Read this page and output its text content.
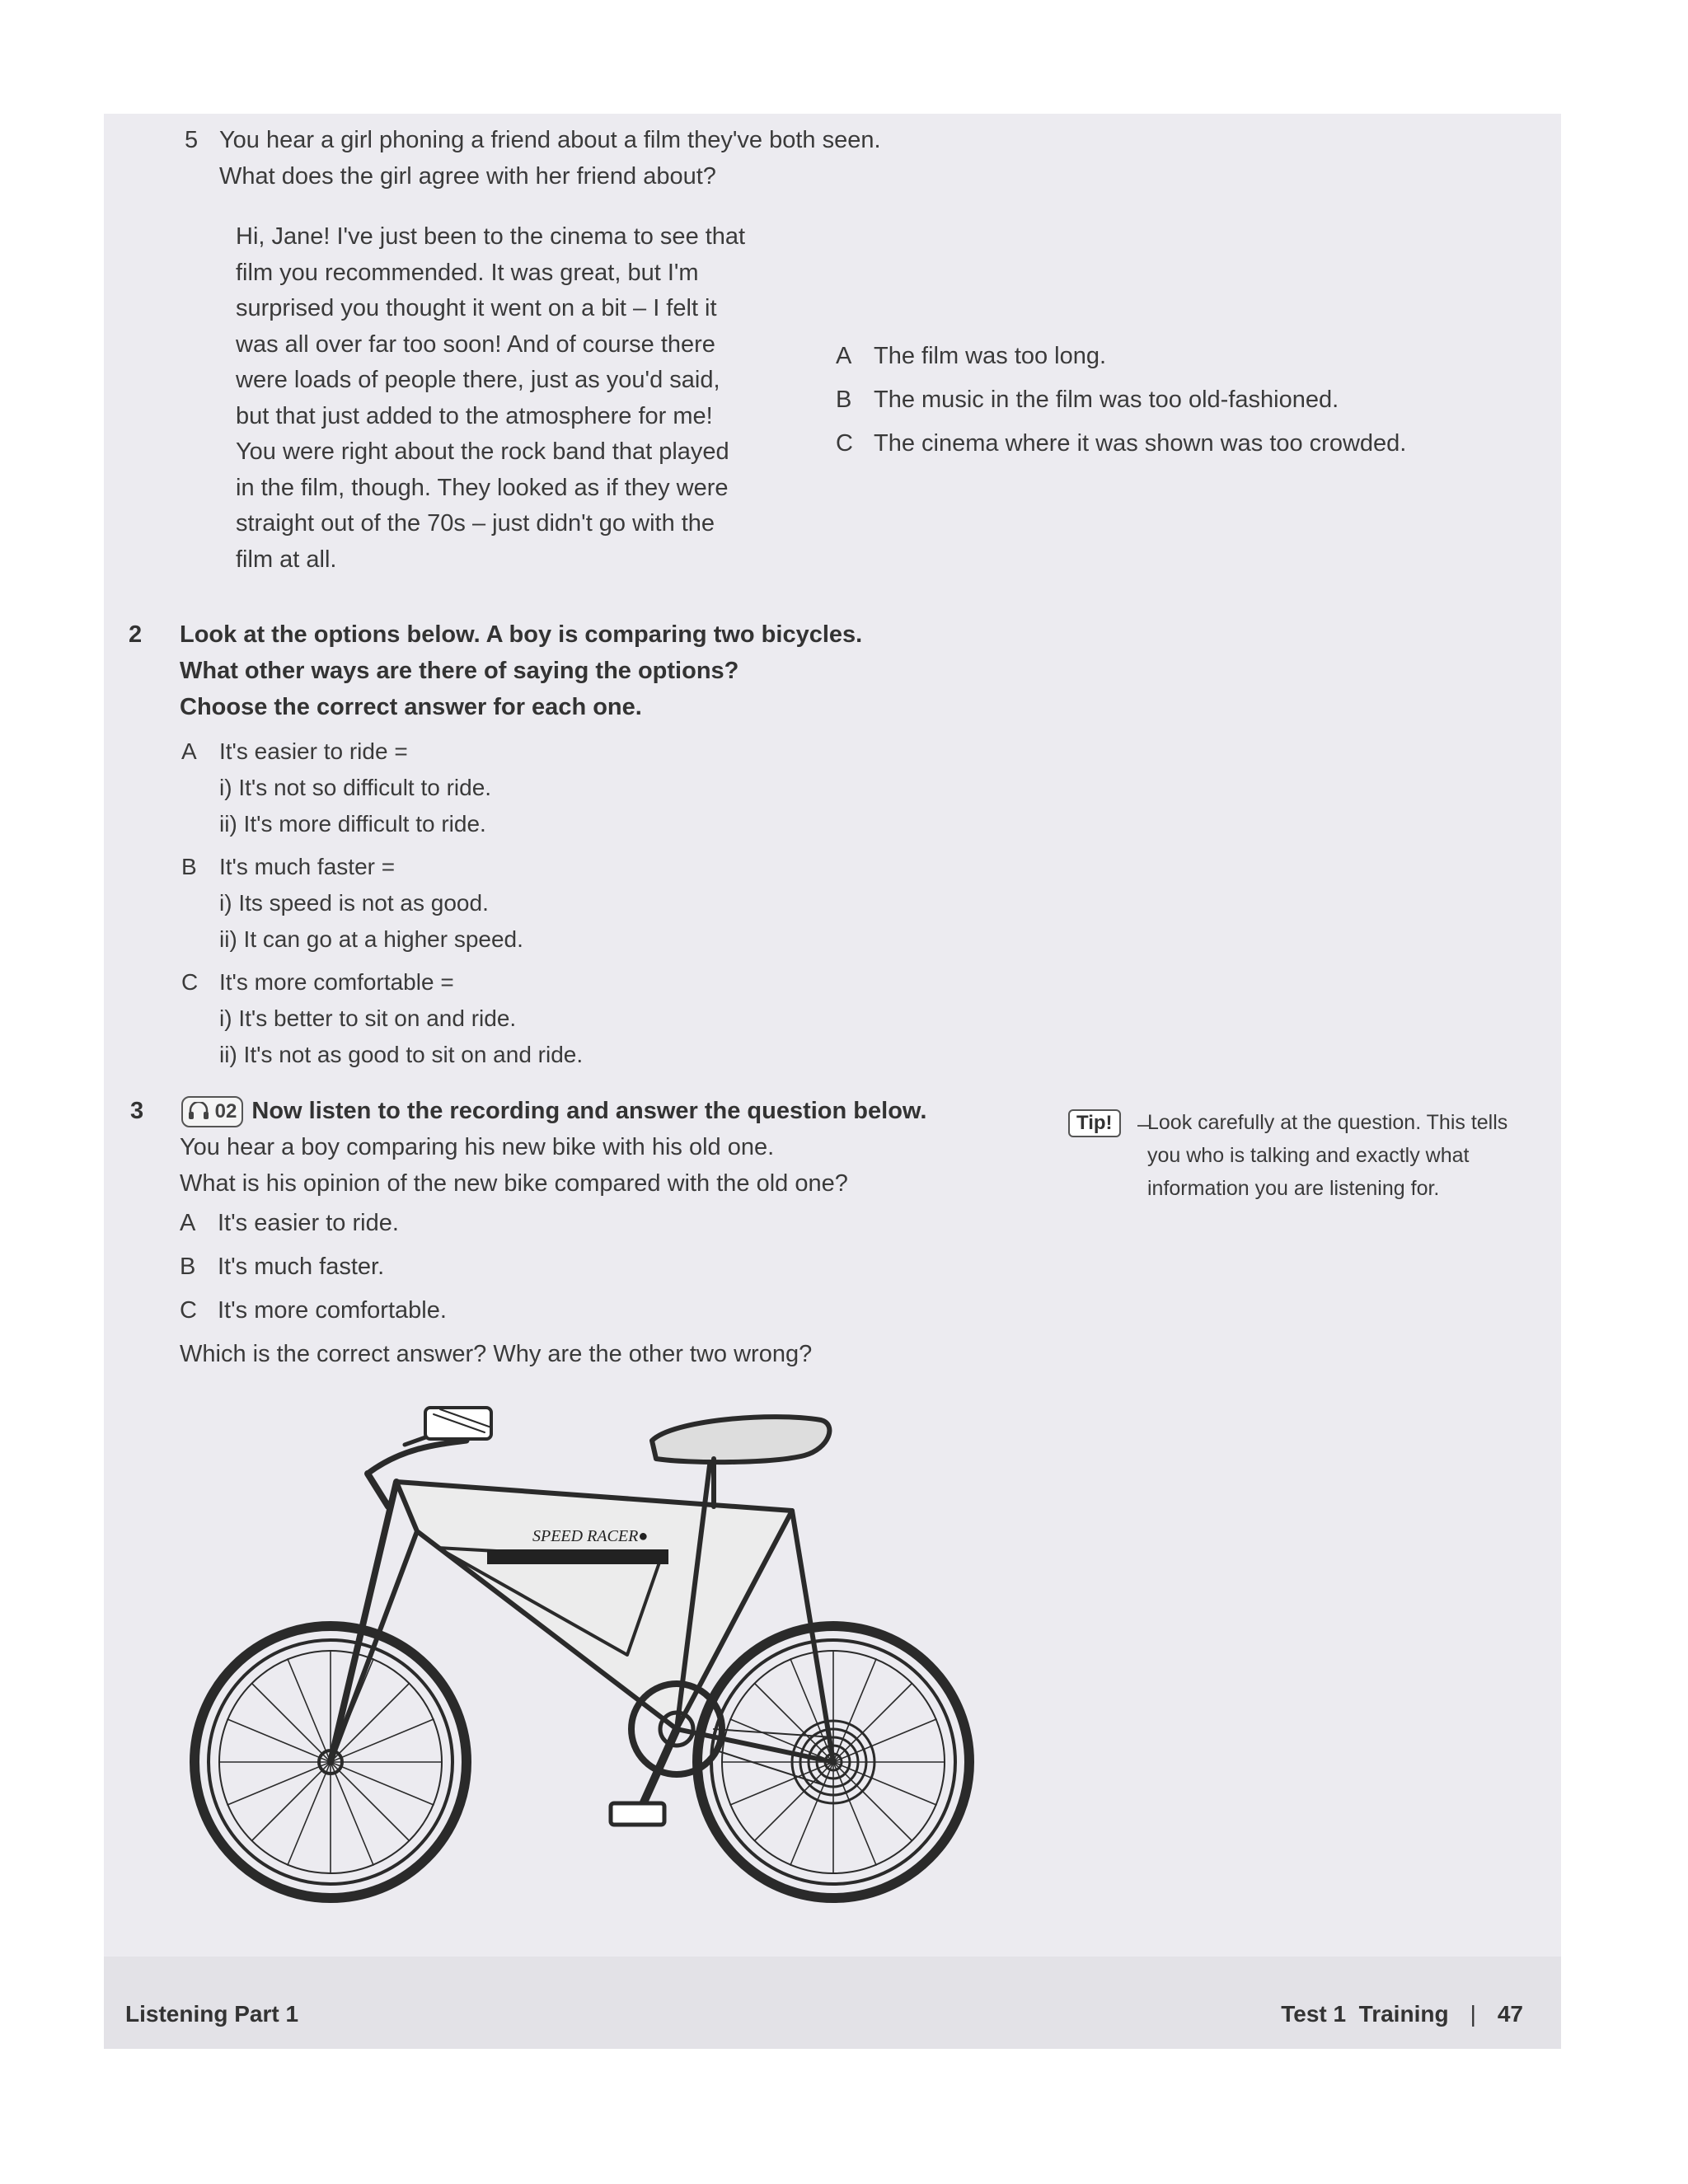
5 You hear a girl phoning a friend about a film they've both seen.
What does the girl agree with her friend about?

Hi, Jane! I've just been to the cinema to see that

film you recommended. It was great, but I'm

surprised you thought it went on a bit – I felt it

was all over far too soon! And of course there

were loads of people there, just as you'd said,

but that just added to the atmosphere for me!

You were right about the rock band that played

in the film, though. They looked as if they were

straight out of the 70s – just didn't go with the

film at all.

A The film was too long.
B The music in the film was too old-fashioned.
C The cinema where it was shown was too crowded.
2 Look at the options below. A boy is comparing two bicycles.
What other ways are there of saying the options?
Choose the correct answer for each one.
A It's easier to ride =
i) It's not so difficult to ride.
ii) It's more difficult to ride.
B It's much faster =
i) Its speed is not as good.
ii) It can go at a higher speed.
C It's more comfortable =
i) It's better to sit on and ride.
ii) It's not as good to sit on and ride.
3	02 Now listen to the recording and answer the question below.
You hear a boy comparing his new bike with his old one.
What is his opinion of the new bike compared with the old one?
A It's easier to ride.
B It's much faster.
C It's more comfortable.
Which is the correct answer? Why are the other two wrong?
Tip!	Look carefully at the question. This tells you who is talking and exactly what information you are listening for.
SPEED RACER●
Listening Part 1	Test 1 Training | 47
